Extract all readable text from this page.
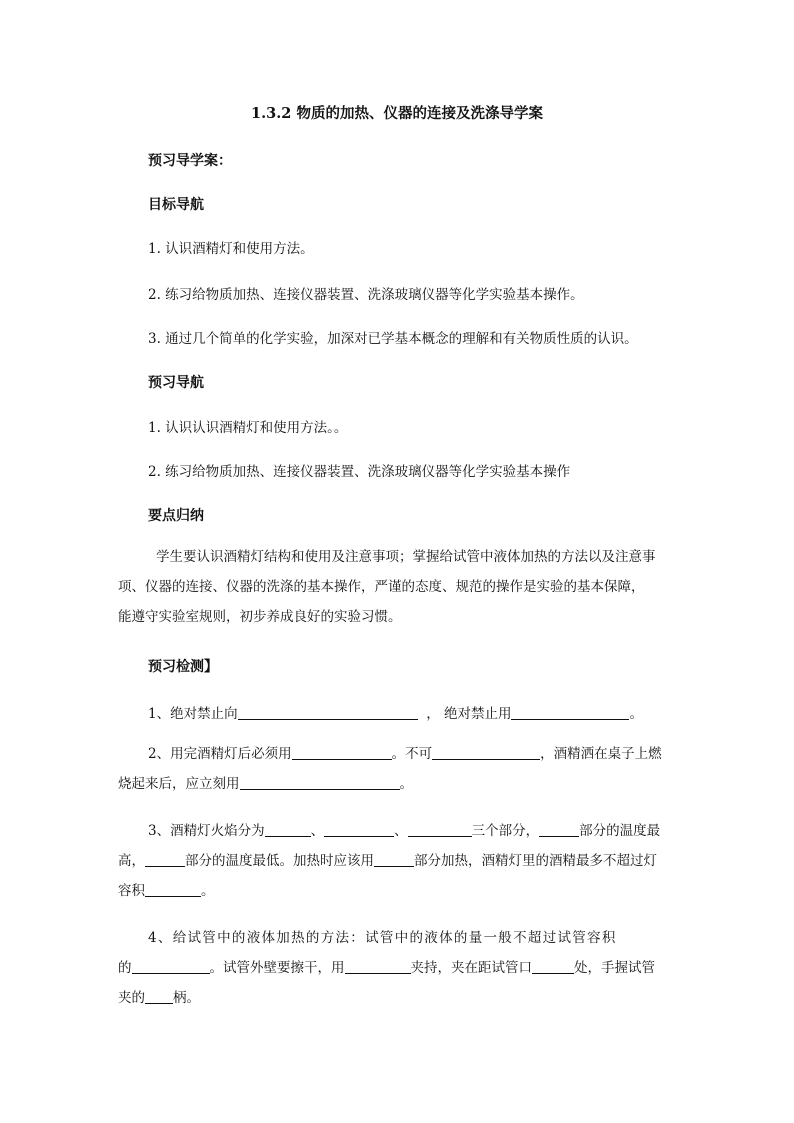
1.3.2 物质的加热、仪器的连接及洗涤导学案
预习导学案：
目标导航
1. 认识酒精灯和使用方法。
2. 练习给物质加热、连接仪器装置、洗涤玻璃仪器等化学实验基本操作。
3. 通过几个简单的化学实验，加深对已学基本概念的理解和有关物质性质的认识。
预习导航
1. 认识认识酒精灯和使用方法。。
2. 练习给物质加热、连接仪器装置、洗涤玻璃仪器等化学实验基本操作
要点归纳
学生要认识酒精灯结构和使用及注意事项；掌握给试管中液体加热的方法以及注意事
项、仪器的连接、仪器的洗涤的基本操作，严谨的态度、规范的操作是实验的基本保障，
能遵守实验室规则，初步养成良好的实验习惯。
预习检测】
1、绝对禁止向	， 绝对禁止用	。
2、用完酒精灯后必须用	。不可	，酒精洒在桌子上燃
烧起来后，应立刻用	。
3、酒精灯火焰分为	、	、	三个部分，	部分的温度最
高，	部分的温度最低。加热时应该用	部分加热，酒精灯里的酒精最多不超过灯
容积	。
4、给试管中的液体加热的方法：试管中的液体的量一般不超过试管容积
的	。试管外壁要擦干，用	夹持，夹在距试管口	处，手握试管
夹的 柄。
